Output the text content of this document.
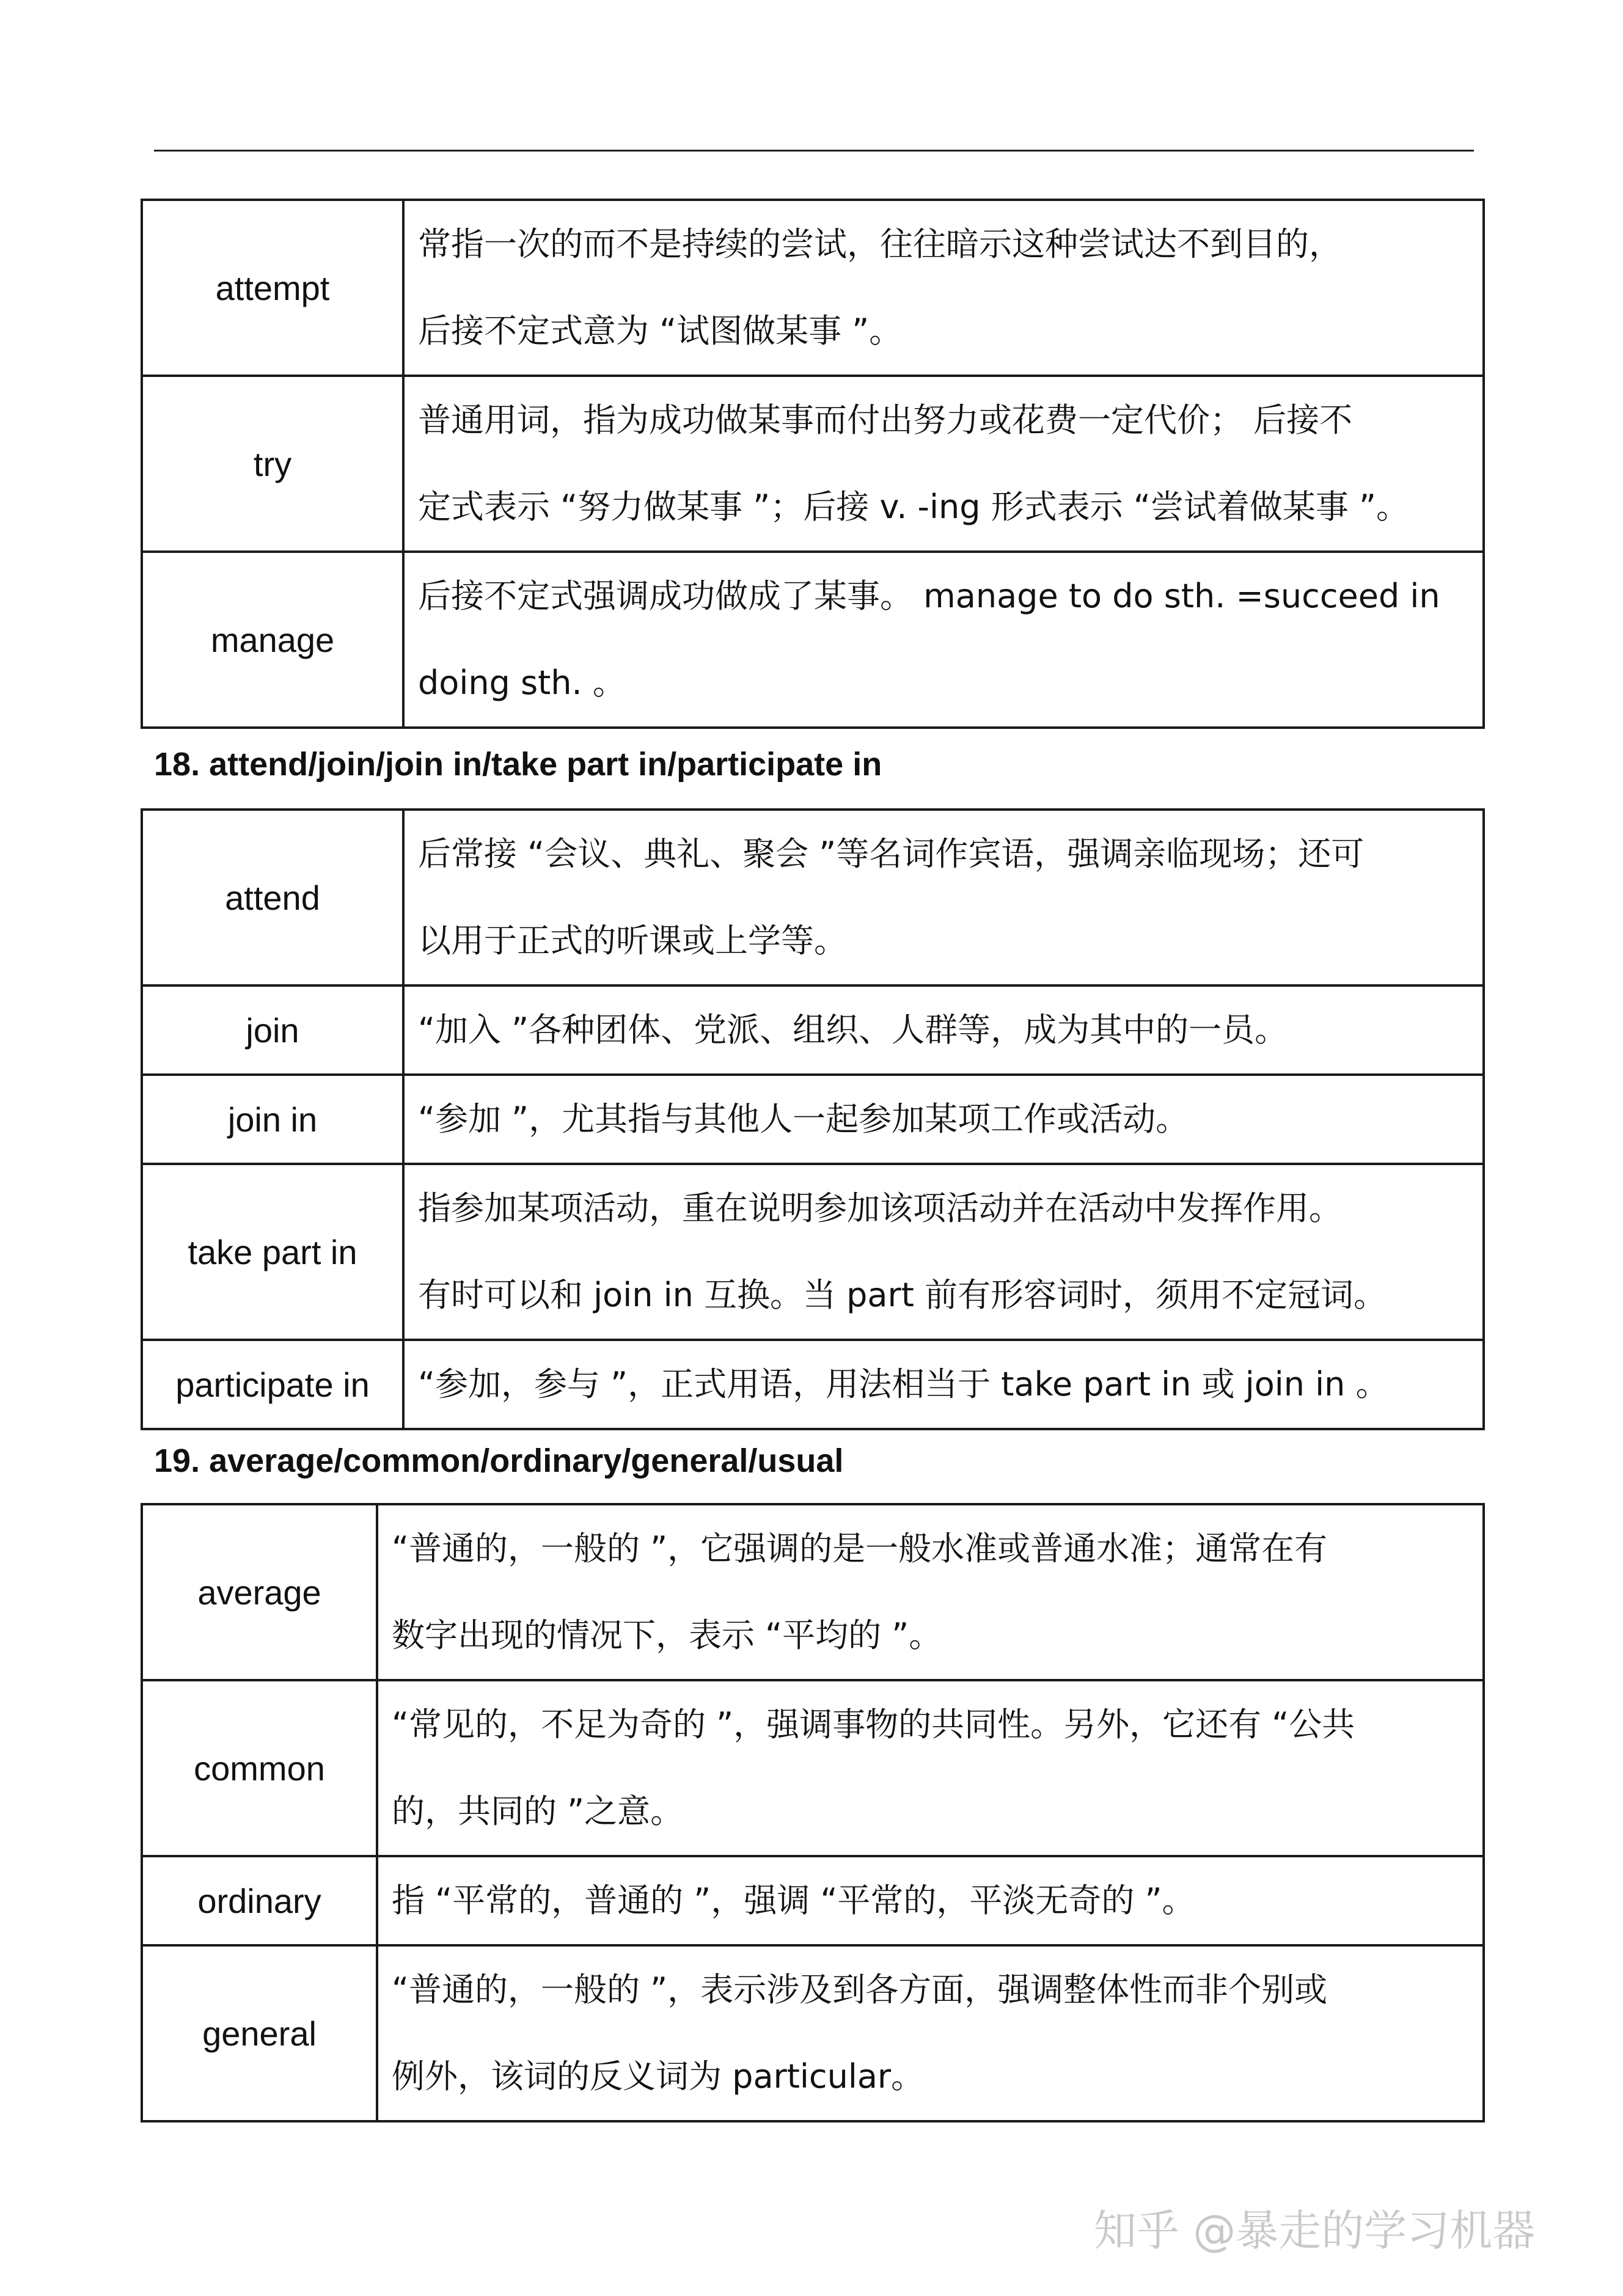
attempt	常指一次的而不是持续的尝试，往往暗示这种尝试达不到目的，
后接不定式意为 “试图做某事 ”。

try	普通用词，指为成功做某事而付出努力或花费一定代价； 后接不
定式表示 “努力做某事 ”；后接 v. -ing 形式表示 “尝试着做某事 ”。

manage	后接不定式强调成功做成了某事。 manage to do sth. =succeed in
doing sth. 。
18. attend/join/join in/take part in/participate in
attend	后常接 “会议、典礼、聚会 ”等名词作宾语，强调亲临现场；还可
以用于正式的听课或上学等。

join	“加入 ”各种团体、党派、组织、人群等，成为其中的一员。

join in	“参加 ”，尤其指与其他人一起参加某项工作或活动。

take part in	指参加某项活动，重在说明参加该项活动并在活动中发挥作用。
有时可以和 join in 互换。当 part 前有形容词时，须用不定冠词。

participate in	“参加，参与 ”，正式用语，用法相当于 take part in 或 join in 。
19. average/common/ordinary/general/usual
average	“普通的，一般的 ”，它强调的是一般水准或普通水准；通常在有
数字出现的情况下，表示 “平均的 ”。

common	“常见的，不足为奇的 ”，强调事物的共同性。另外，它还有 “公共
的，共同的 ”之意。

ordinary	指 “平常的，普通的 ”，强调 “平常的，平淡无奇的 ”。

general	“普通的，一般的 ”，表示涉及到各方面，强调整体性而非个别或
例外，该词的反义词为 particular。
知乎 @暴走的学习机器
